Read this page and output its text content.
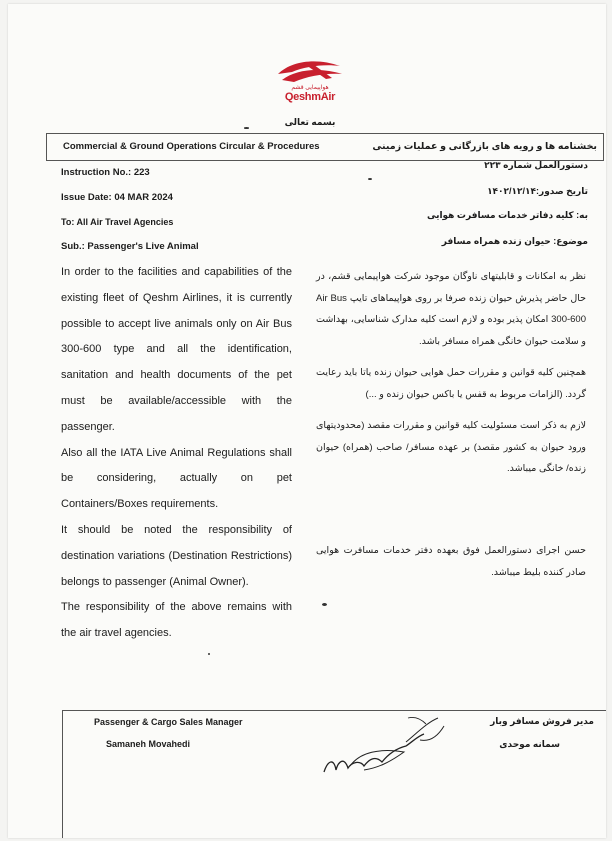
هواپیمایی قشم
QeshmAir
بسمه تعالی
Commercial & Ground Operations Circular & Procedures	بخشنامه ها و رویه های بازرگانی و عملیات زمینی
Instruction No.: 223
Issue Date: 04 MAR 2024
To: All Air Travel Agencies
Sub.: Passenger's Live Animal
دستورالعمل شماره ۲۲۳
تاریخ صدور:۱۴۰۲/۱۲/۱۴
به: کلیه دفاتر خدمات مسافرت هوایی
موضوع: حیوان زنده همراه مسافر

In order to the facilities and capabilities of the existing fleet of Qeshm Airlines, it is currently possible to accept live animals only on Air Bus 300-600 type and all the identification, sanitation and health documents of the pet must be available/accessible with the passenger.

Also all the IATA Live Animal Regulations shall be considering, actually on pet Containers/Boxes requirements.

It should be noted the responsibility of destination variations (Destination Restrictions) belongs to passenger (Animal Owner).

The responsibility of the above remains with the air travel agencies.

نظر به امکانات و قابلیتهای ناوگان موجود شرکت هواپیمایی قشم، در حال حاضر پذیرش حیوان زنده صرفا بر روی هواپیماهای تایپ Air Bus 300-600 امکان پذیر بوده و لازم است کلیه مدارک شناسایی، بهداشت و سلامت حیوان خانگی همراه مسافر باشد.

همچنین کلیه قوانین و مقررات حمل هوایی حیوان زنده یاتا باید رعایت گردد. (الزامات مربوط به قفس یا باکس حیوان زنده و ...)

لازم به ذکر است مسئولیت کلیه قوانین و مقررات مقصد (محدودیتهای ورود حیوان به کشور مقصد) بر عهده مسافر/ صاحب (همراه) حیوان زنده/ خانگی میباشد.

حسن اجرای دستورالعمل فوق بعهده دفتر خدمات مسافرت هوایی صادر کننده بلیط میباشد.

Passenger & Cargo Sales Manager
Samaneh Movahedi
مدیر فروش مسافر وبار
سمانه موحدی
